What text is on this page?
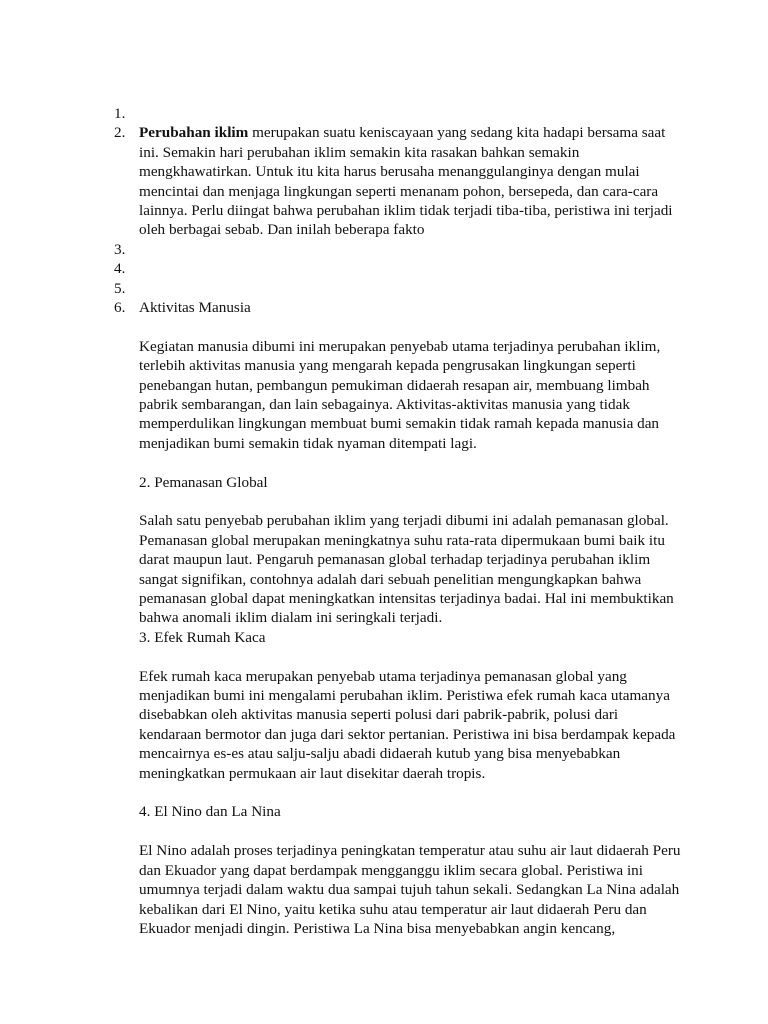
1.
2. Perubahan iklim merupakan suatu keniscayaan yang sedang kita hadapi bersama saat ini. Semakin hari perubahan iklim semakin kita rasakan bahkan semakin mengkhawatirkan. Untuk itu kita harus berusaha menanggulanginya dengan mulai mencintai dan menjaga lingkungan seperti menanam pohon, bersepeda, dan cara-cara lainnya. Perlu diingat bahwa perubahan iklim tidak terjadi tiba-tiba, peristiwa ini terjadi oleh berbagai sebab. Dan inilah beberapa fakto
3.
4.
5.
6. Aktivitas Manusia

Kegiatan manusia dibumi ini merupakan penyebab utama terjadinya perubahan iklim, terlebih aktivitas manusia yang mengarah kepada pengrusakan lingkungan seperti penebangan hutan, pembangun pemukiman didaerah resapan air, membuang limbah pabrik sembarangan, dan lain sebagainya. Aktivitas-aktivitas manusia yang tidak memperdulikan lingkungan membuat bumi semakin tidak ramah kepada manusia dan menjadikan bumi semakin tidak nyaman ditempati lagi.

2. Pemanasan Global

Salah satu penyebab perubahan iklim yang terjadi dibumi ini adalah pemanasan global. Pemanasan global merupakan meningkatnya suhu rata-rata dipermukaan bumi baik itu darat maupun laut. Pengaruh pemanasan global terhadap terjadinya perubahan iklim sangat signifikan, contohnya adalah dari sebuah penelitian mengungkapkan bahwa pemanasan global dapat meningkatkan intensitas terjadinya badai. Hal ini membuktikan bahwa anomali iklim dialam ini seringkali terjadi.

3. Efek Rumah Kaca

Efek rumah kaca merupakan penyebab utama terjadinya pemanasan global yang menjadikan bumi ini mengalami perubahan iklim. Peristiwa efek rumah kaca utamanya disebabkan oleh aktivitas manusia seperti polusi dari pabrik-pabrik, polusi dari kendaraan bermotor dan juga dari sektor pertanian. Peristiwa ini bisa berdampak kepada mencairnya es-es atau salju-salju abadi didaerah kutub yang bisa menyebabkan meningkatkan permukaan air laut disekitar daerah tropis.

4. El Nino dan La Nina

El Nino adalah proses terjadinya peningkatan temperatur atau suhu air laut didaerah Peru dan Ekuador yang dapat berdampak mengganggu iklim secara global. Peristiwa ini umumnya terjadi dalam waktu dua sampai tujuh tahun sekali. Sedangkan La Nina adalah kebalikan dari El Nino, yaitu ketika suhu atau temperatur air laut didaerah Peru dan Ekuador menjadi dingin. Peristiwa La Nina bisa menyebabkan angin kencang,
